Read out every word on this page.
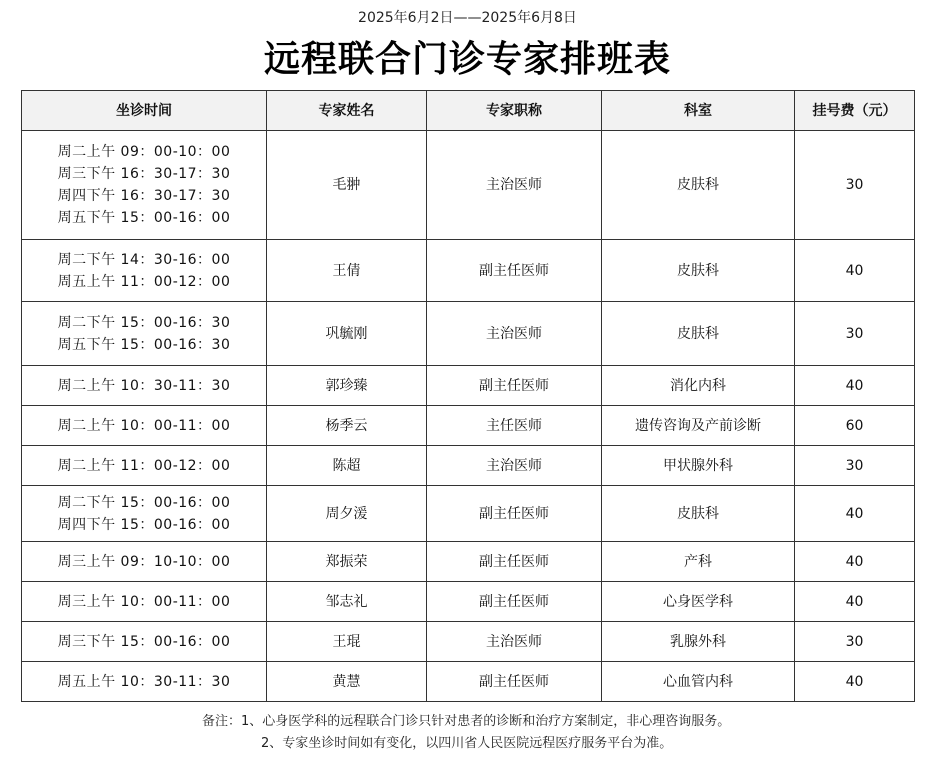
2025年6月2日——2025年6月8日
远程联合门诊专家排班表
坐诊时间	专家姓名	专家职称	科室	挂号费（元）

周二上午 09：00-10：00
周三下午 16：30-17：30
周四下午 16：30-17：30
周五下午 15：00-16：00	毛翀	主治医师	皮肤科	30

周二下午 14：30-16：00
周五上午 11：00-12：00	王倩	副主任医师	皮肤科	40

周二下午 15：00-16：30
周五下午 15：00-16：30	巩毓刚	主治医师	皮肤科	30

周二上午 10：30-11：30	郭珍臻	副主任医师	消化内科	40

周二上午 10：00-11：00	杨季云	主任医师	遗传咨询及产前诊断	60

周二上午 11：00-12：00	陈超	主治医师	甲状腺外科	30

周二下午 15：00-16：00
周四下午 15：00-16：00	周夕湲	副主任医师	皮肤科	40

周三上午 09：10-10：00	郑振荣	副主任医师	产科	40

周三上午 10：00-11：00	邹志礼	副主任医师	心身医学科	40

周三下午 15：00-16：00	王琨	主治医师	乳腺外科	30

周五上午 10：30-11：30	黄慧	副主任医师	心血管内科	40
备注：1、心身医学科的远程联合门诊只针对患者的诊断和治疗方案制定，非心理咨询服务。
2、专家坐诊时间如有变化，以四川省人民医院远程医疗服务平台为准。
